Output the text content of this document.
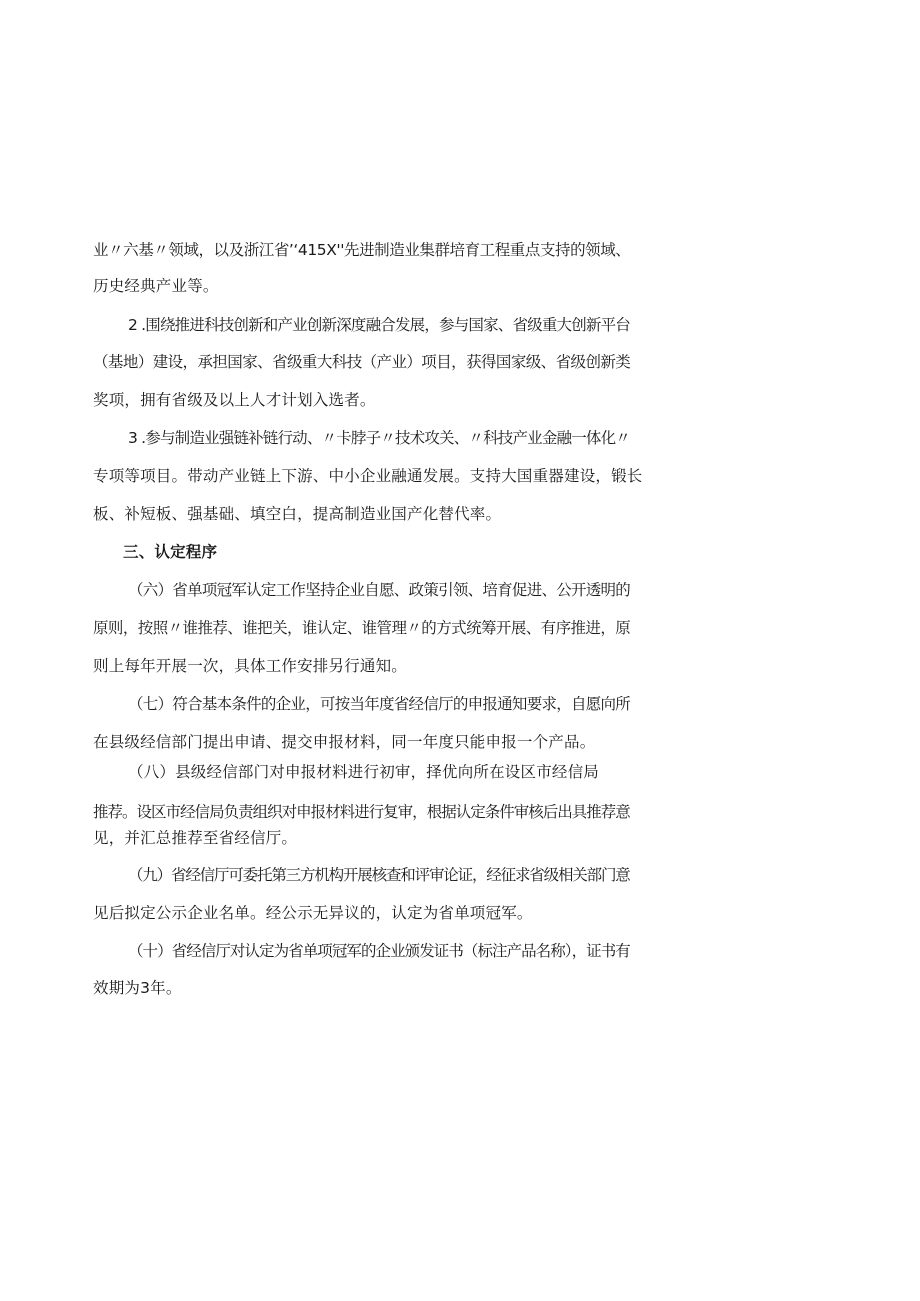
业〃六基〃领域，以及浙江省’‘415X''先进制造业集群培育工程重点支持的领域、
历史经典产业等。
2 .围绕推进科技创新和产业创新深度融合发展，参与国家、省级重大创新平台
（基地）建设，承担国家、省级重大科技（产业）项目，获得国家级、省级创新类
奖项，拥有省级及以上人才计划入选者。
3 .参与制造业强链补链行动、〃卡脖子〃技术攻关、〃科技产业金融一体化〃
专项等项目。带动产业链上下游、中小企业融通发展。支持大国重器建设，锻长
板、补短板、强基础、填空白，提高制造业国产化替代率。
三、认定程序
（六）省单项冠军认定工作坚持企业自愿、政策引领、培育促进、公开透明的
原则，按照〃谁推荐、谁把关，谁认定、谁管理〃的方式统筹开展、有序推进，原
则上每年开展一次，具体工作安排另行通知。
（七）符合基本条件的企业，可按当年度省经信厅的申报通知要求，自愿向所
在县级经信部门提出申请、提交申报材料，同一年度只能申报一个产品。
（八）县级经信部门对申报材料进行初审，择优向所在设区市经信局
推荐。设区市经信局负责组织对申报材料进行复审，根据认定条件审核后出具推荐意
见，并汇总推荐至省经信厅。
（九）省经信厅可委托第三方机构开展核查和评审论证，经征求省级相关部门意
见后拟定公示企业名单。经公示无异议的，认定为省单项冠军。
（十）省经信厅对认定为省单项冠军的企业颁发证书（标注产品名称），证书有
效期为3年。
